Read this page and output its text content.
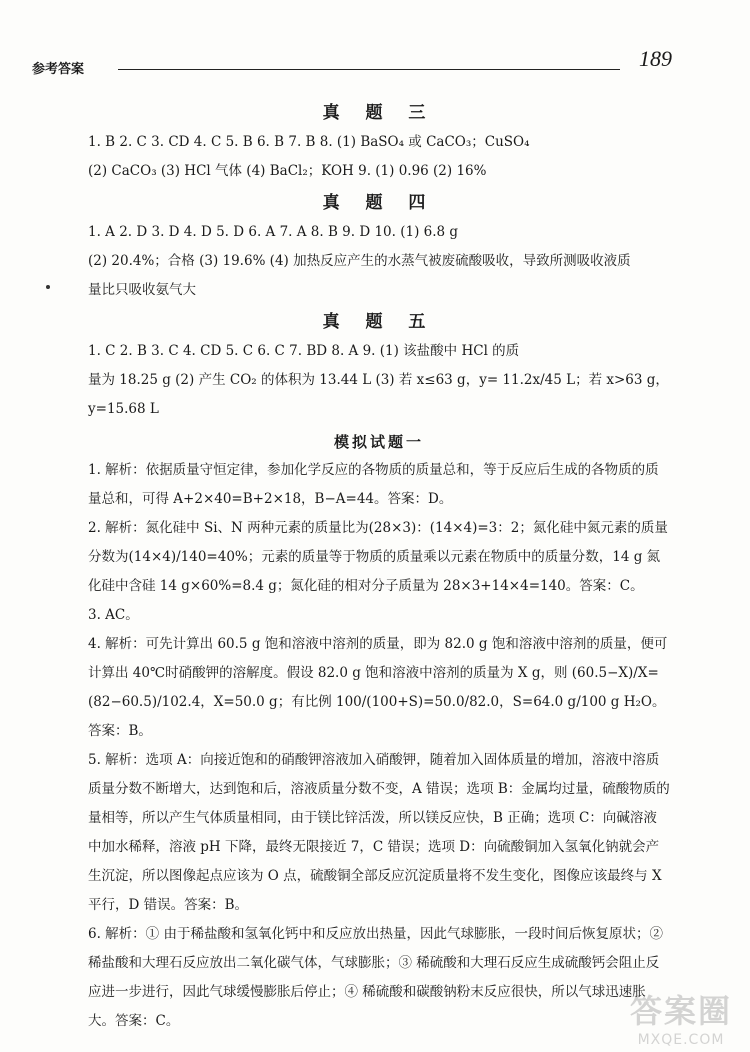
参考答案	189
真 题 三

1. B 2. C 3. CD 4. C 5. B 6. B 7. B 8. (1) BaSO₄ 或 CaCO₃；CuSO₄

(2) CaCO₃ (3) HCl 气体 (4) BaCl₂；KOH 9. (1) 0.96 (2) 16%

真 题 四

1. A 2. D 3. D 4. D 5. D 6. A 7. A 8. B 9. D 10. (1) 6.8 g

(2) 20.4%；合格 (3) 19.6% (4) 加热反应产生的水蒸气被废硫酸吸收，导致所测吸收液质

量比只吸收氨气大

真 题 五

1. C 2. B 3. C 4. CD 5. C 6. C 7. BD 8. A 9. (1) 该盐酸中 HCl 的质

量为 18.25 g (2) 产生 CO₂ 的体积为 13.44 L (3) 若 x≤63 g，y= 11.2x/45 L；若 x>63 g，

y=15.68 L

模拟试题一

1. 解析：依据质量守恒定律，参加化学反应的各物质的质量总和，等于反应后生成的各物质的质量总和，可得 A+2×40=B+2×18，B−A=44。答案：D。

2. 解析：氮化硅中 Si、N 两种元素的质量比为(28×3)：(14×4)=3：2；氮化硅中氮元素的质量分数为(14×4)/140=40%；元素的质量等于物质的质量乘以元素在物质中的质量分数，14 g 氮化硅中含硅 14 g×60%=8.4 g；氮化硅的相对分子质量为 28×3+14×4=140。答案：C。

3. AC。

4. 解析：可先计算出 60.5 g 饱和溶液中溶剂的质量，即为 82.0 g 饱和溶液中溶剂的质量，便可计算出 40℃时硝酸钾的溶解度。假设 82.0 g 饱和溶液中溶剂的质量为 X g，则 (60.5−X)/X=(82−60.5)/102.4，X=50.0 g；有比例 100/(100+S)=50.0/82.0，S=64.0 g/100 g H₂O。答案：B。

5. 解析：选项 A：向接近饱和的硝酸钾溶液加入硝酸钾，随着加入固体质量的增加，溶液中溶质质量分数不断增大，达到饱和后，溶液质量分数不变，A 错误；选项 B：金属均过量，硫酸物质的量相等，所以产生气体质量相同，由于镁比锌活泼，所以镁反应快，B 正确；选项 C：向碱溶液中加水稀释，溶液 pH 下降，最终无限接近 7，C 错误；选项 D：向硫酸铜加入氢氧化钠就会产生沉淀，所以图像起点应该为 O 点，硫酸铜全部反应沉淀质量将不发生变化，图像应该最终与 X 平行，D 错误。答案：B。

6. 解析：① 由于稀盐酸和氢氧化钙中和反应放出热量，因此气球膨胀，一段时间后恢复原状；② 稀盐酸和大理石反应放出二氧化碳气体，气球膨胀；③ 稀硫酸和大理石反应生成硫酸钙会阻止反应进一步进行，因此气球缓慢膨胀后停止；④ 稀硫酸和碳酸钠粉末反应很快，所以气球迅速胀大。答案：C。	答案圈
MXQE.COM
